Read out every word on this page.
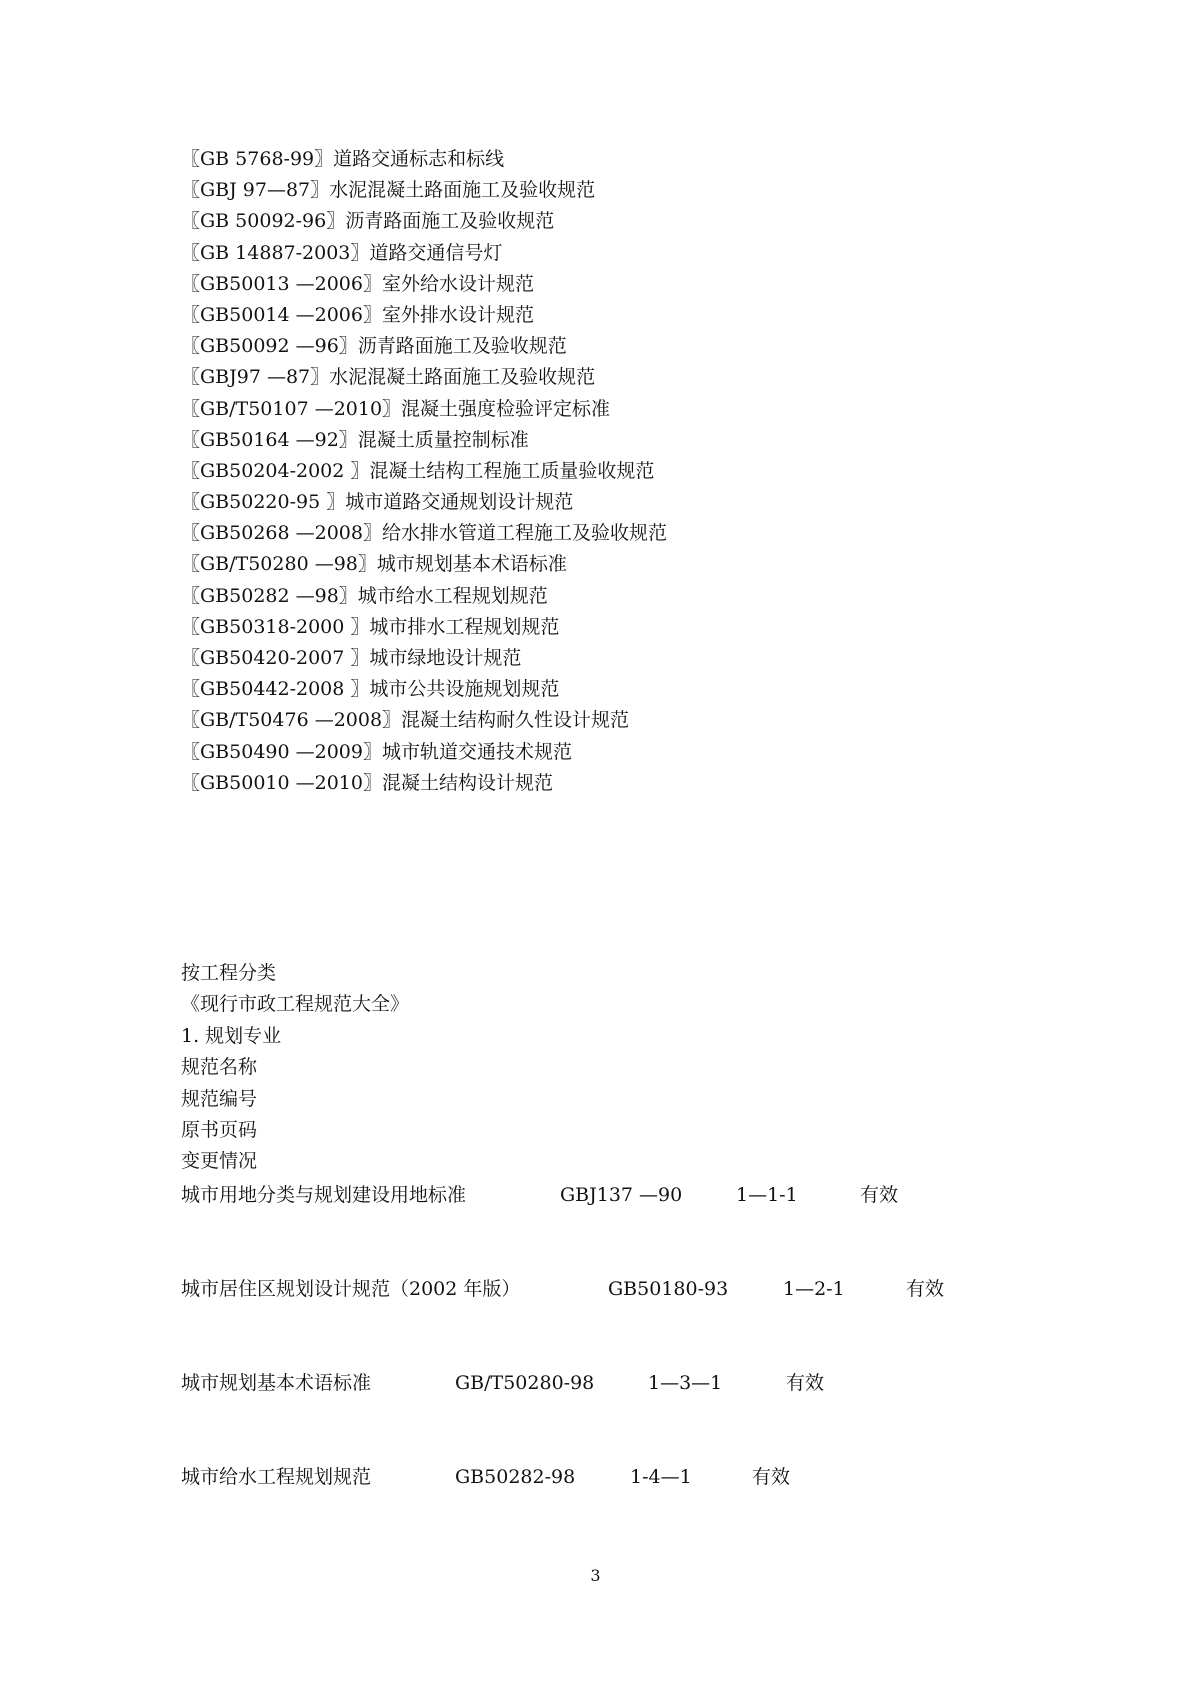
〖GB 5768-99〗道路交通标志和标线
〖GBJ 97—87〗水泥混凝土路面施工及验收规范
〖GB 50092-96〗沥青路面施工及验收规范
〖GB 14887-2003〗道路交通信号灯
〖GB50013 —2006〗室外给水设计规范
〖GB50014 —2006〗室外排水设计规范
〖GB50092 —96〗沥青路面施工及验收规范
〖GBJ97 —87〗水泥混凝土路面施工及验收规范
〖GB/T50107 —2010〗混凝土强度检验评定标准
〖GB50164 —92〗混凝土质量控制标准
〖GB50204-2002 〗混凝土结构工程施工质量验收规范
〖GB50220-95 〗城市道路交通规划设计规范
〖GB50268 —2008〗给水排水管道工程施工及验收规范
〖GB/T50280 —98〗城市规划基本术语标准
〖GB50282 —98〗城市给水工程规划规范
〖GB50318-2000 〗城市排水工程规划规范
〖GB50420-2007 〗城市绿地设计规范
〖GB50442-2008 〗城市公共设施规划规范
〖GB/T50476 —2008〗混凝土结构耐久性设计规范
〖GB50490 —2009〗城市轨道交通技术规范
〖GB50010 —2010〗混凝土结构设计规范
按工程分类
《现行市政工程规范大全》
1. 规划专业
规范名称
规范编号
原书页码
变更情况
城市用地分类与规划建设用地标准	GBJ137 —90	1—1-1	有效
城市居住区规划设计规范（2002 年版）	GB50180-93	1—2-1	有效
城市规划基本术语标准	GB/T50280-98	1—3—1	有效
城市给水工程规划规范	GB50282-98	1-4—1	有效
3
